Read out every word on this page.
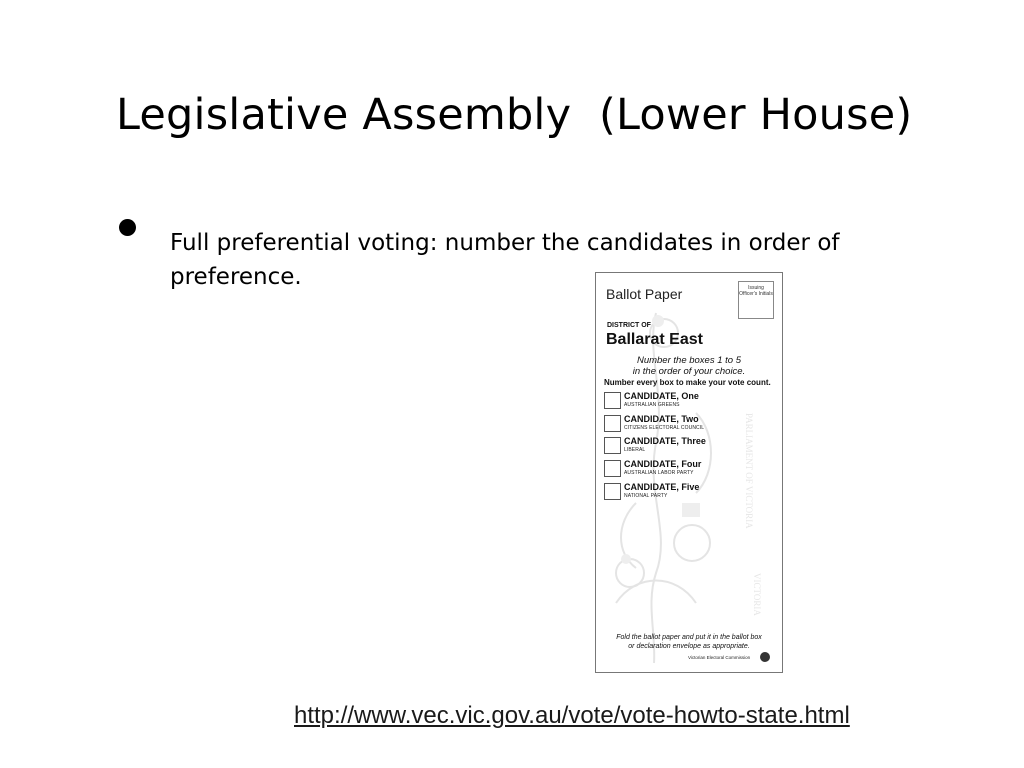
Legislative Assembly  (Lower House)
Full preferential voting: number the candidates in order of preference.
PARLIAMENT OF VICTORIA
VICTORIA
Ballot Paper	Issuing Officer's Initials
DISTRICT OF
Ballarat East
Number the boxes 1 to 5
in the order of your choice.
Number every box to make your vote count.
CANDIDATE, One
AUSTRALIAN GREENS
CANDIDATE, Two
CITIZENS ELECTORAL COUNCIL
CANDIDATE, Three
LIBERAL
CANDIDATE, Four
AUSTRALIAN LABOR PARTY
CANDIDATE, Five
NATIONAL PARTY
Fold the ballot paper and put it in the ballot box
or declaration envelope as appropriate.
Victorian Electoral Commission
http://www.vec.vic.gov.au/vote/vote-howto-state.html
